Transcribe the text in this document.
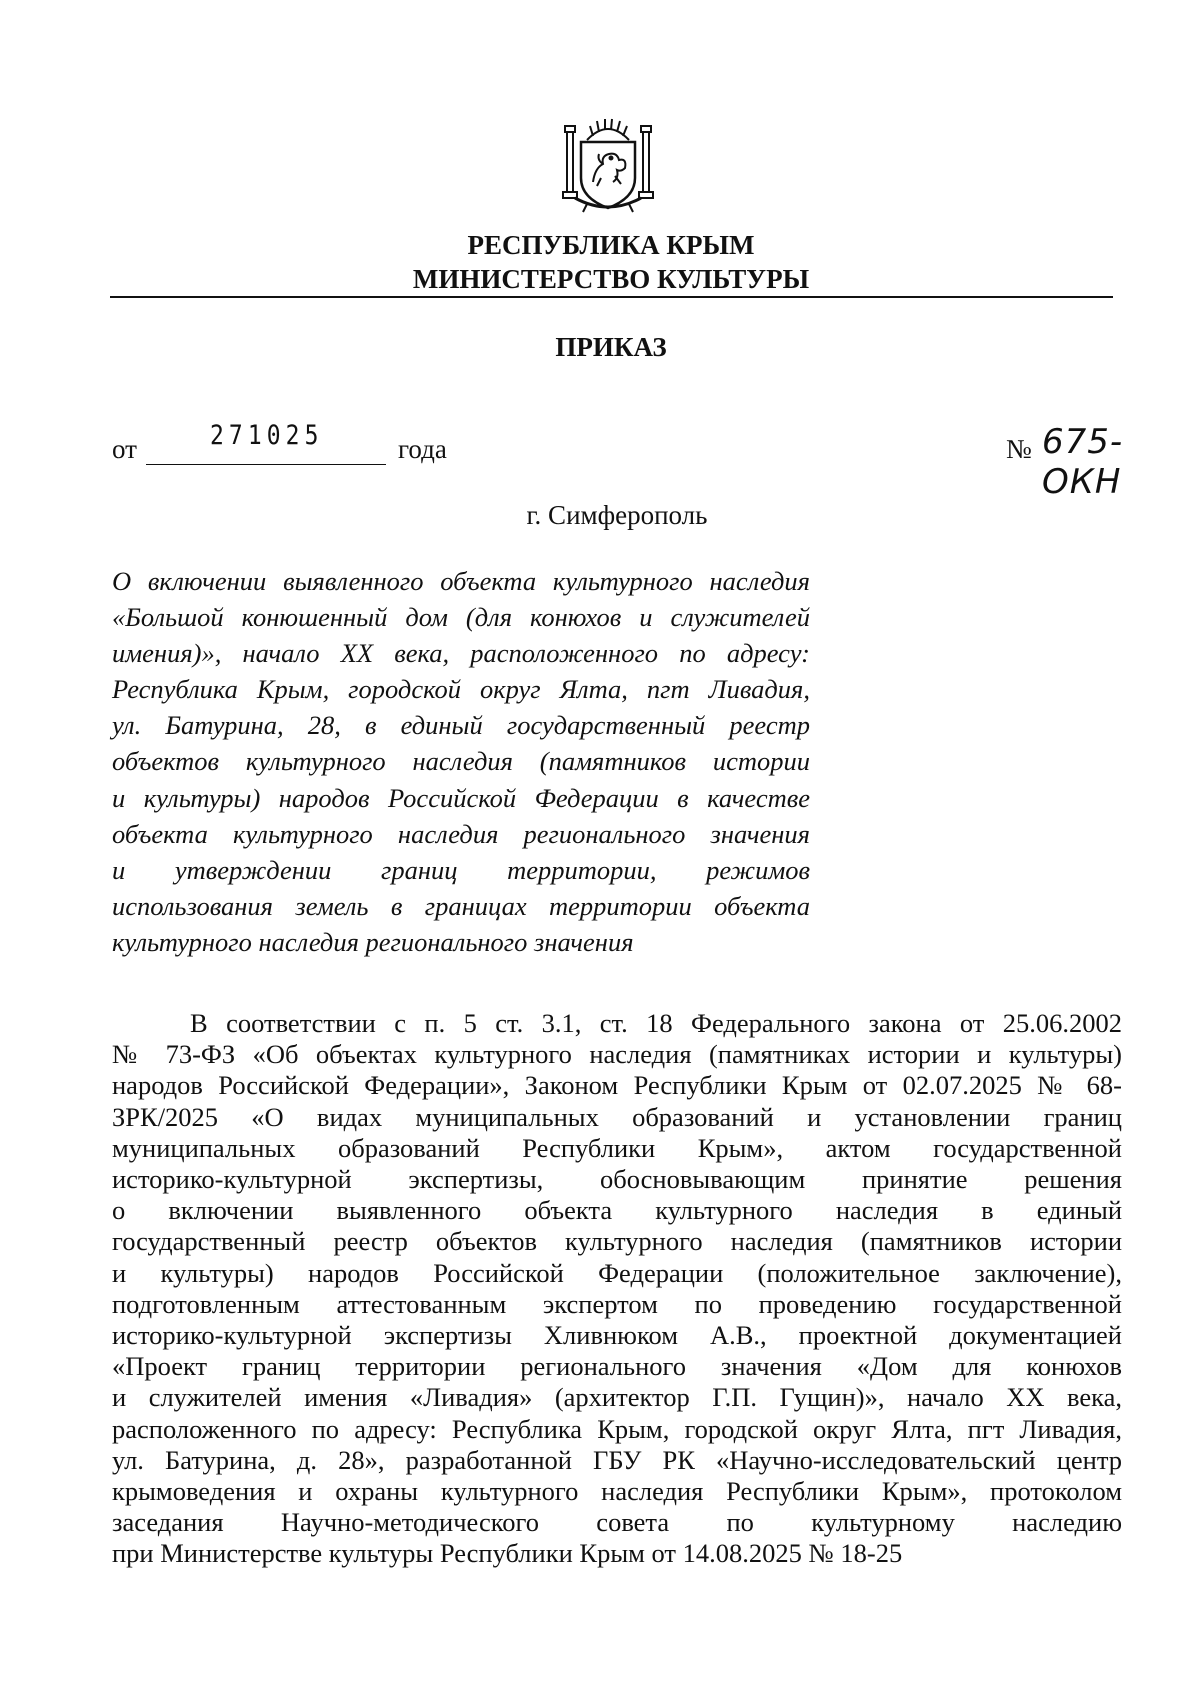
РЕСПУБЛИКА КРЫМ
МИНИСТЕРСТВО КУЛЬТУРЫ
ПРИКАЗ
от	271025	года	№ 675-ОКН
г. Симферополь
О включении выявленного объекта культурного наследия
«Большой конюшенный дом (для конюхов и служителей
имения)», начало XX века, расположенного по адресу:
Республика Крым, городской округ Ялта, пгт Ливадия,
ул. Батурина, 28, в единый государственный реестр
объектов культурного наследия (памятников истории
и культуры) народов Российской Федерации в качестве
объекта культурного наследия регионального значения
и утверждении границ территории, режимов
использования земель в границах территории объекта
культурного наследия регионального значения
В соответствии с п. 5 ст. 3.1, ст. 18 Федерального закона от 25.06.2002
№ 73-ФЗ «Об объектах культурного наследия (памятниках истории и культуры)
народов Российской Федерации», Законом Республики Крым от 02.07.2025 № 68-
ЗРК/2025 «О видах муниципальных образований и установлении границ
муниципальных образований Республики Крым», актом государственной
историко-культурной экспертизы, обосновывающим принятие решения
о включении выявленного объекта культурного наследия в единый
государственный реестр объектов культурного наследия (памятников истории
и культуры) народов Российской Федерации (положительное заключение),
подготовленным аттестованным экспертом по проведению государственной
историко-культурной экспертизы Хливнюком А.В., проектной документацией
«Проект границ территории регионального значения «Дом для конюхов
и служителей имения «Ливадия» (архитектор Г.П. Гущин)», начало XX века,
расположенного по адресу: Республика Крым, городской округ Ялта, пгт Ливадия,
ул. Батурина, д. 28», разработанной ГБУ РК «Научно-исследовательский центр
крымоведения и охраны культурного наследия Республики Крым», протоколом
заседания Научно-методического совета по культурному наследию
при Министерстве культуры Республики Крым от 14.08.2025 № 18-25
